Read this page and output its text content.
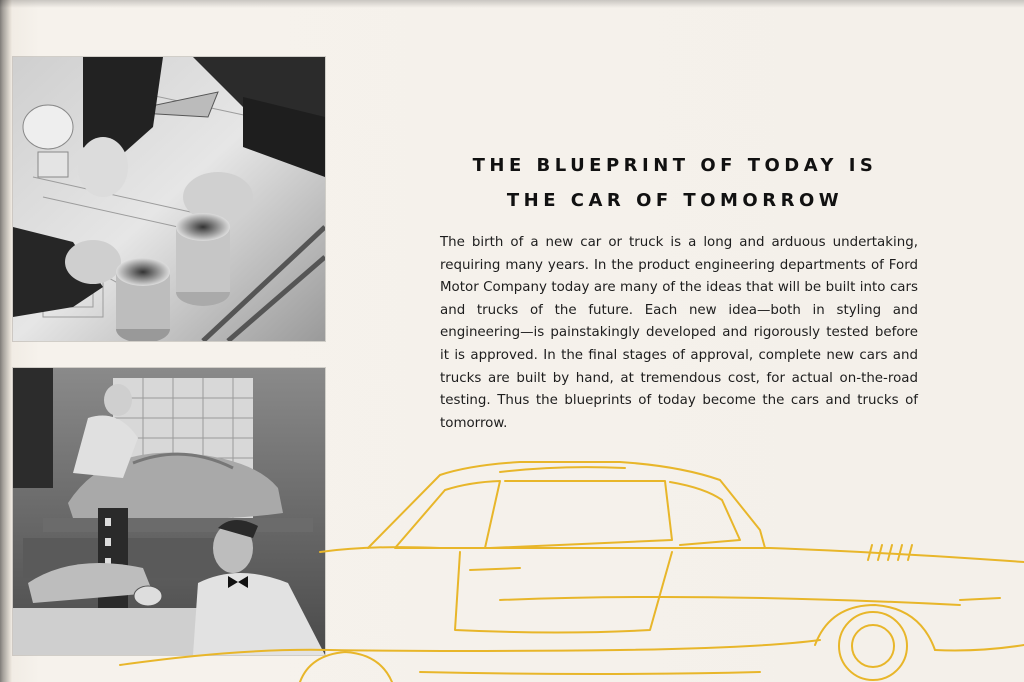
THE BLUEPRINT OF TODAY IS
THE CAR OF TOMORROW
The birth of a new car or truck is a long and arduous undertaking, requiring many years. In the product engineering departments of Ford Motor Company today are many of the ideas that will be built into cars and trucks of the future. Each new idea—both in styling and engineering—is painstakingly developed and rigorously tested before it is approved. In the final stages of approval, complete new cars and trucks are built by hand, at tremendous cost, for actual on-the-road testing. Thus the blueprints of today become the cars and trucks of tomorrow.
